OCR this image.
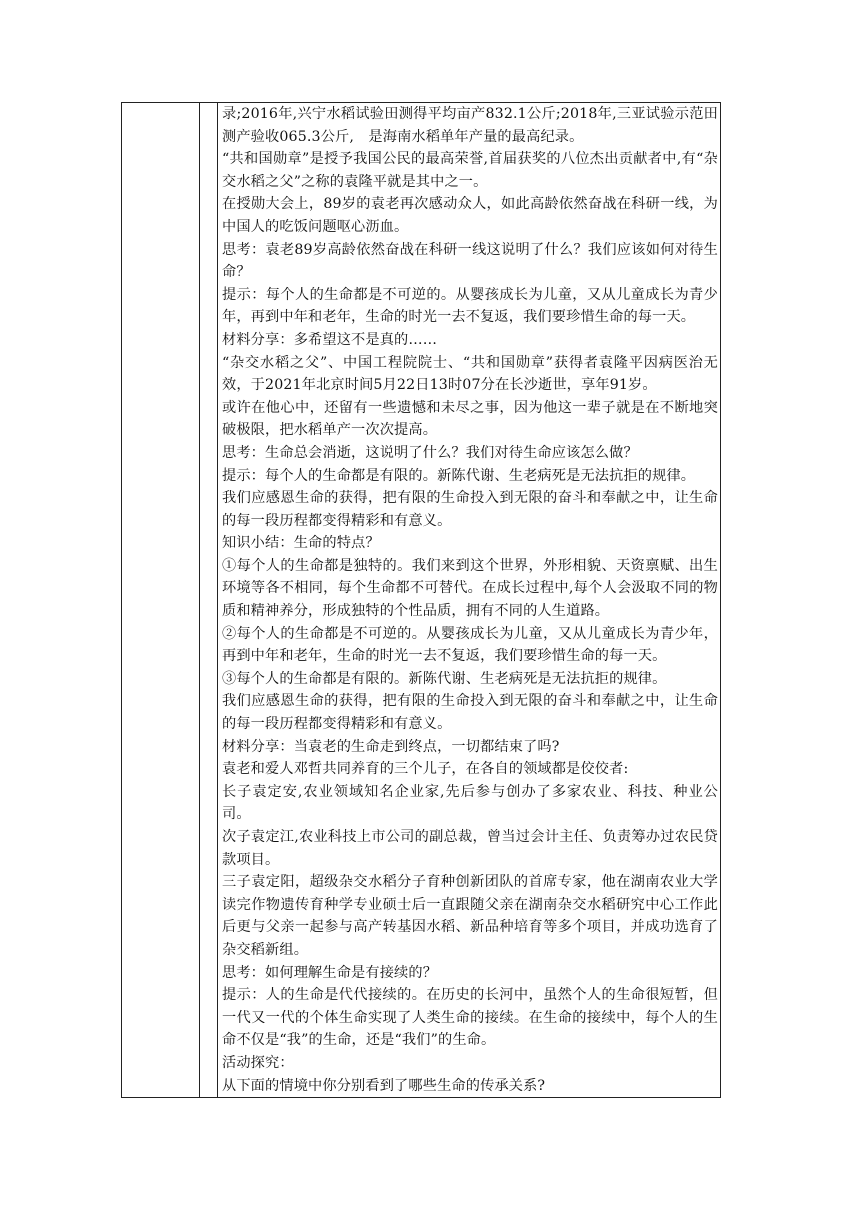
录;2016年,兴宁水稻试验田测得平均亩产832.1公斤;2018年,三亚试验示范田测产验收065.3公斤,　是海南水稻单年产量的最高纪录。

“共和国勋章”是授予我国公民的最高荣誉,首届获奖的八位杰出贡献者中,有“杂交水稻之父”之称的袁隆平就是其中之一。

在授勋大会上，89岁的袁老再次感动众人，如此高龄依然奋战在科研一线，为中国人的吃饭问题呕心沥血。

思考：袁老89岁高龄依然奋战在科研一线这说明了什么？我们应该如何对待生命？

提示：每个人的生命都是不可逆的。从婴孩成长为儿童，又从儿童成长为青少年，再到中年和老年，生命的时光一去不复返，我们要珍惜生命的每一天。

材料分享：多希望这不是真的……

“杂交水稻之父”、中国工程院院士、“共和国勋章”获得者袁隆平因病医治无效，于2021年北京时间5月22日13时07分在长沙逝世，享年91岁。

或许在他心中，还留有一些遗憾和未尽之事，因为他这一辈子就是在不断地突破极限，把水稻单产一次次提高。

思考：生命总会消逝，这说明了什么？我们对待生命应该怎么做？

提示：每个人的生命都是有限的。新陈代谢、生老病死是无法抗拒的规律。

我们应感恩生命的获得，把有限的生命投入到无限的奋斗和奉献之中，让生命的每一段历程都变得精彩和有意义。

知识小结：生命的特点？

①每个人的生命都是独特的。我们来到这个世界，外形相貌、天资禀赋、出生环境等各不相同，每个生命都不可替代。在成长过程中,每个人会汲取不同的物质和精神养分，形成独特的个性品质，拥有不同的人生道路。

②每个人的生命都是不可逆的。从婴孩成长为儿童，又从儿童成长为青少年，再到中年和老年，生命的时光一去不复返，我们要珍惜生命的每一天。

③每个人的生命都是有限的。新陈代谢、生老病死是无法抗拒的规律。

我们应感恩生命的获得，把有限的生命投入到无限的奋斗和奉献之中，让生命的每一段历程都变得精彩和有意义。

材料分享：当袁老的生命走到终点，一切都结束了吗?

袁老和爱人邓哲共同养育的三个儿子，在各自的领域都是佼佼者:

长子袁定安,农业领域知名企业家,先后参与创办了多家农业、科技、种业公司。

次子袁定江,农业科技上市公司的副总裁，曾当过会计主任、负责筹办过农民贷款项目。

三子袁定阳，超级杂交水稻分子育种创新团队的首席专家，他在湖南农业大学读完作物遗传育种学专业硕士后一直跟随父亲在湖南杂交水稻研究中心工作此后更与父亲一起参与高产转基因水稻、新品种培育等多个项目，并成功选育了杂交稻新组。

思考：如何理解生命是有接续的？

提示：人的生命是代代接续的。在历史的长河中，虽然个人的生命很短暂，但一代又一代的个体生命实现了人类生命的接续。在生命的接续中，每个人的生命不仅是“我”的生命，还是“我们”的生命。

活动探究：

从下面的情境中你分别看到了哪些生命的传承关系?
